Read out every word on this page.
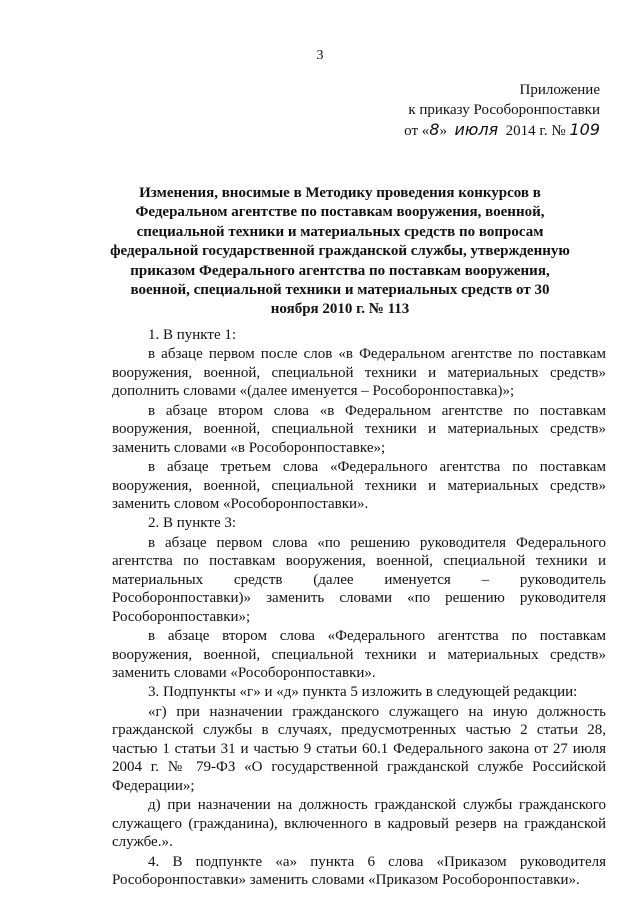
3
Приложение
к приказу Рособоронпоставки
от «8» июля 2014 г. № 109
Изменения, вносимые в Методику проведения конкурсов в Федеральном агентстве по поставкам вооружения, военной, специальной техники и материальных средств по вопросам федеральной государственной гражданской службы, утвержденную приказом Федерального агентства по поставкам вооружения, военной, специальной техники и материальных средств от 30 ноября 2010 г. № 113

1. В пункте 1:

в абзаце первом после слов «в Федеральном агентстве по поставкам вооружения, военной, специальной техники и материальных средств» дополнить словами «(далее именуется – Рособоронпоставка)»;

в абзаце втором слова «в Федеральном агентстве по поставкам вооружения, военной, специальной техники и материальных средств» заменить словами «в Рособоронпоставке»;

в абзаце третьем слова «Федерального агентства по поставкам вооружения, военной, специальной техники и материальных средств» заменить словом «Рособоронпоставки».

2. В пункте 3:

в абзаце первом слова «по решению руководителя Федерального агентства по поставкам вооружения, военной, специальной техники и материальных средств (далее именуется – руководитель Рособоронпоставки)» заменить словами «по решению руководителя Рособоронпоставки»;

в абзаце втором слова «Федерального агентства по поставкам вооружения, военной, специальной техники и материальных средств» заменить словами «Рособоронпоставки».

3. Подпункты «г» и «д» пункта 5 изложить в следующей редакции:

«г) при назначении гражданского служащего на иную должность гражданской службы в случаях, предусмотренных частью 2 статьи 28, частью 1 статьи 31 и частью 9 статьи 60.1 Федерального закона от 27 июля 2004 г. № 79-ФЗ «О государственной гражданской службе Российской Федерации»;

д) при назначении на должность гражданской службы гражданского служащего (гражданина), включенного в кадровый резерв на гражданской службе.».

4. В подпункте «а» пункта 6 слова «Приказом руководителя Рособоронпоставки» заменить словами «Приказом Рособоронпоставки».
